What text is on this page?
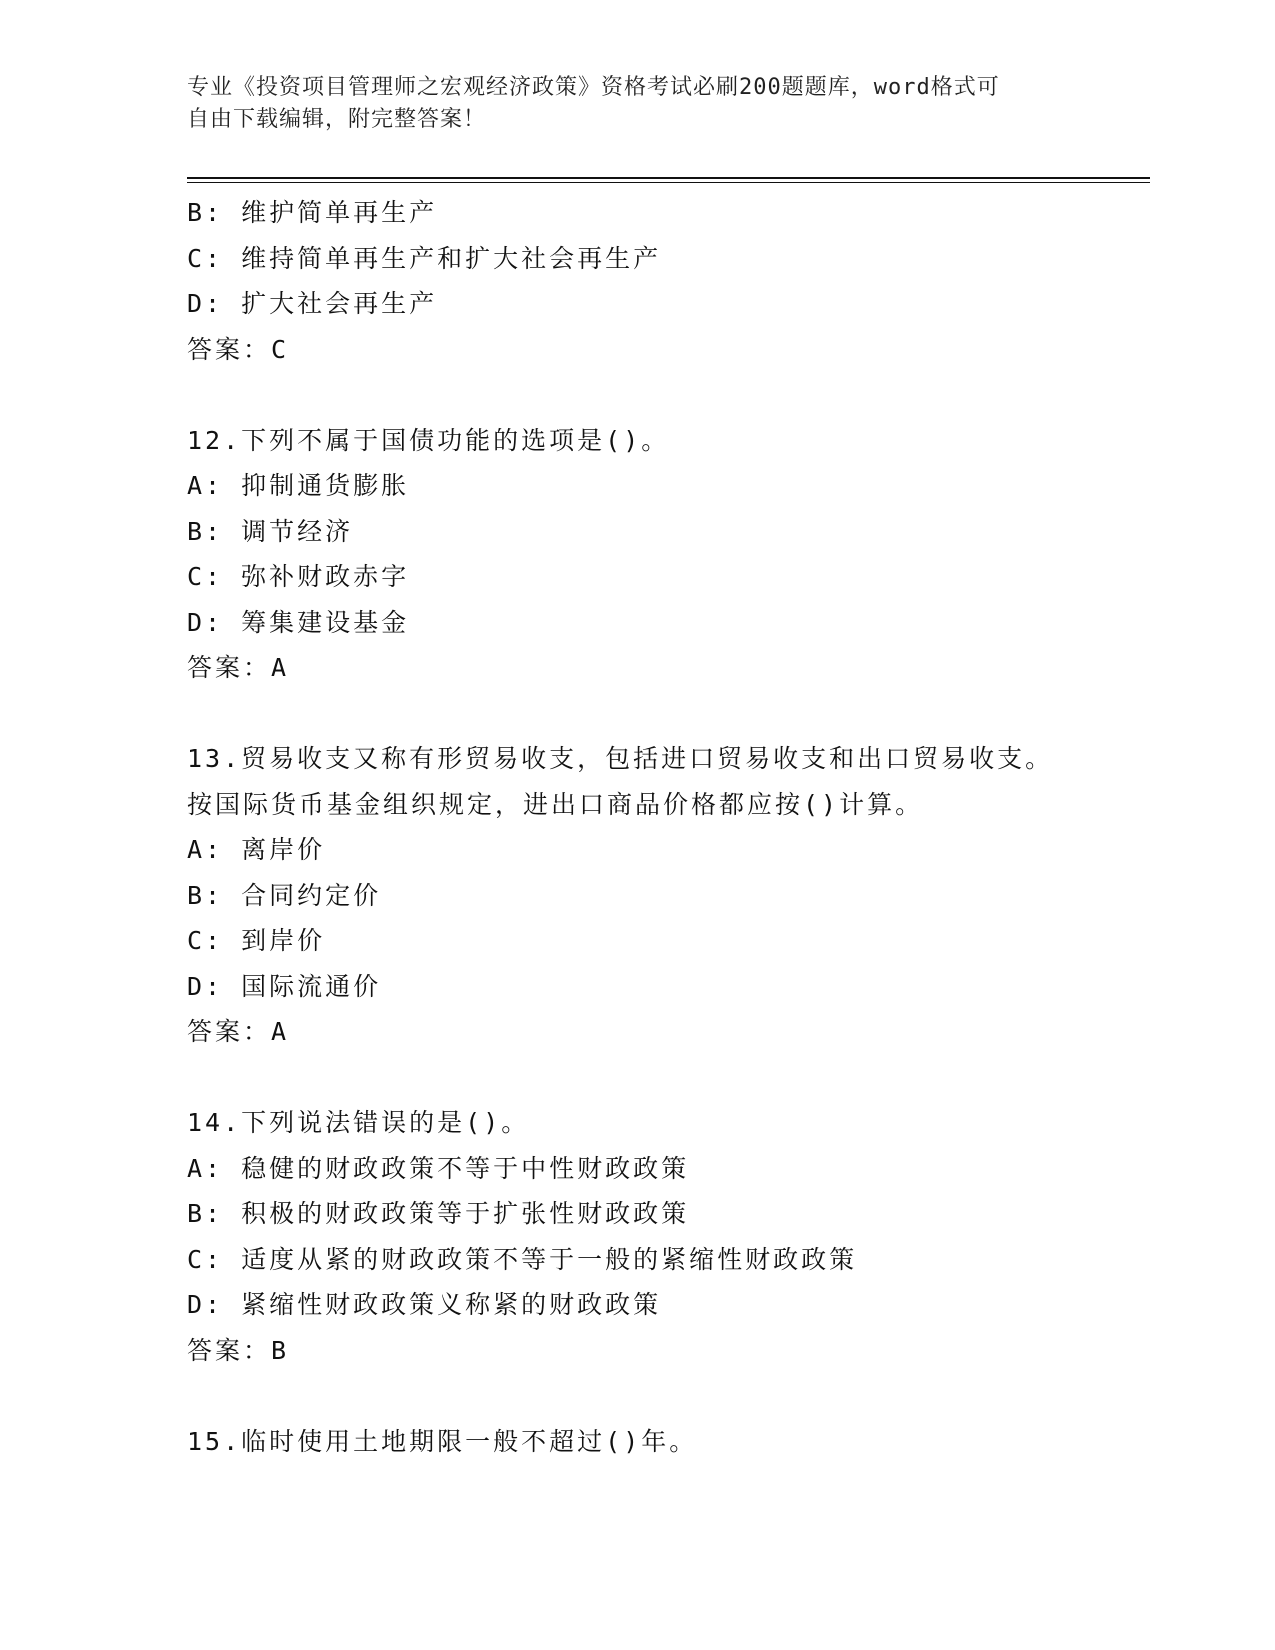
专业《投资项目管理师之宏观经济政策》资格考试必刷200题题库，word格式可
自由下载编辑，附完整答案！
B: 维护简单再生产
C: 维持简单再生产和扩大社会再生产
D: 扩大社会再生产
答案：C
12.下列不属于国债功能的选项是()。
A: 抑制通货膨胀
B: 调节经济
C: 弥补财政赤字
D: 筹集建设基金
答案：A
13.贸易收支又称有形贸易收支，包括进口贸易收支和出口贸易收支。
按国际货币基金组织规定，进出口商品价格都应按()计算。
A: 离岸价
B: 合同约定价
C: 到岸价
D: 国际流通价
答案：A
14.下列说法错误的是()。
A: 稳健的财政政策不等于中性财政政策
B: 积极的财政政策等于扩张性财政政策
C: 适度从紧的财政政策不等于一般的紧缩性财政政策
D: 紧缩性财政政策义称紧的财政政策
答案：B
15.临时使用土地期限一般不超过()年。
